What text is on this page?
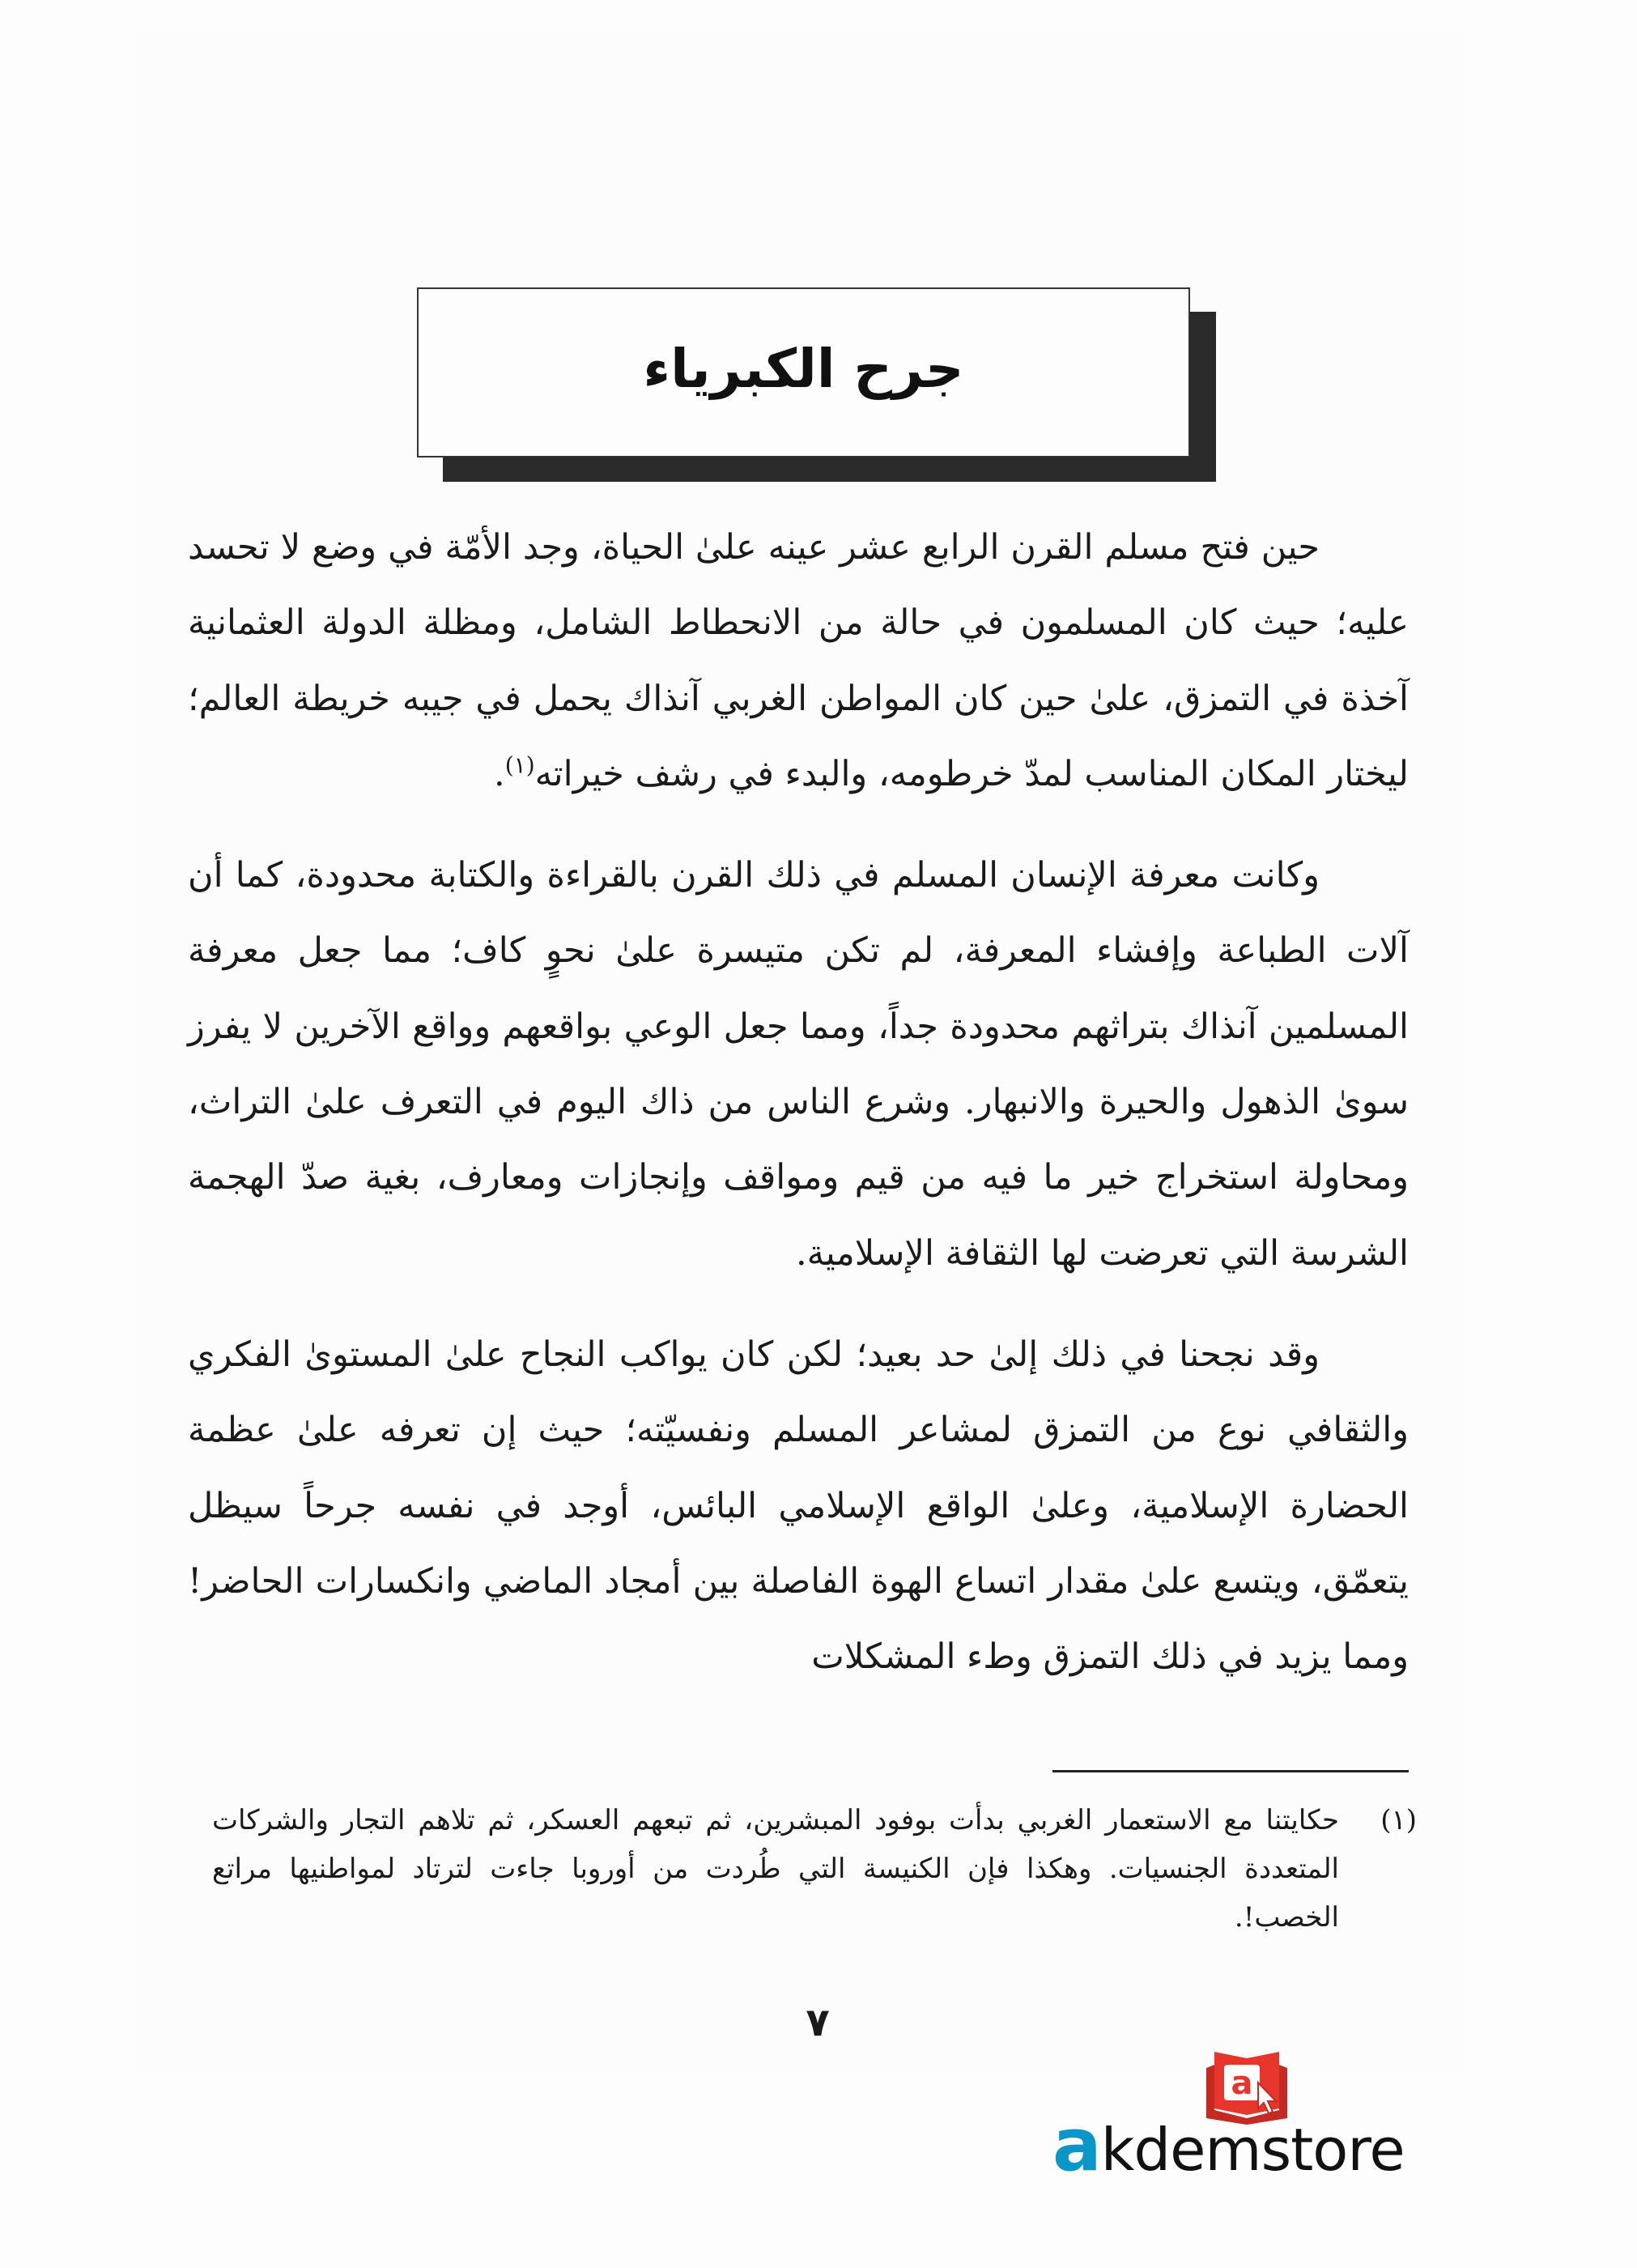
جرح الكبرياء

حين فتح مسلم القرن الرابع عشر عينه علىٰ الحياة، وجد الأمّة في وضع لا تحسد عليه؛ حيث كان المسلمون في حالة من الانحطاط الشامل، ومظلة الدولة العثمانية آخذة في التمزق، علىٰ حين كان المواطن الغربي آنذاك يحمل في جيبه خريطة العالم؛ ليختار المكان المناسب لمدّ خرطومه، والبدء في رشف خيراته$^{(١)}$.

وكانت معرفة الإنسان المسلم في ذلك القرن بالقراءة والكتابة محدودة، كما أن آلات الطباعة وإفشاء المعرفة، لم تكن متيسرة علىٰ نحوٍ كاف؛ مما جعل معرفة المسلمين آنذاك بتراثهم محدودة جداً، ومما جعل الوعي بواقعهم وواقع الآخرين لا يفرز سوىٰ الذهول والحيرة والانبهار. وشرع الناس من ذاك اليوم في التعرف علىٰ التراث، ومحاولة استخراج خير ما فيه من قيم ومواقف وإنجازات ومعارف، بغية صدّ الهجمة الشرسة التي تعرضت لها الثقافة الإسلامية.

وقد نجحنا في ذلك إلىٰ حد بعيد؛ لكن كان يواكب النجاح علىٰ المستوىٰ الفكري والثقافي نوع من التمزق لمشاعر المسلم ونفسيّته؛ حيث إن تعرفه علىٰ عظمة الحضارة الإسلامية، وعلىٰ الواقع الإسلامي البائس، أوجد في نفسه جرحاً سيظل يتعمّق، ويتسع علىٰ مقدار اتساع الهوة الفاصلة بين أمجاد الماضي وانكسارات الحاضر! ومما يزيد في ذلك التمزق وطء المشكلات

(١)
حكايتنا مع الاستعمار الغربي بدأت بوفود المبشرين، ثم تبعهم العسكر، ثم تلاهم التجار والشركات المتعددة الجنسيات. وهكذا فإن الكنيسة التي طُردت من أوروبا جاءت لترتاد لمواطنيها مراتع الخصب!.
٧
a
akdemstore
